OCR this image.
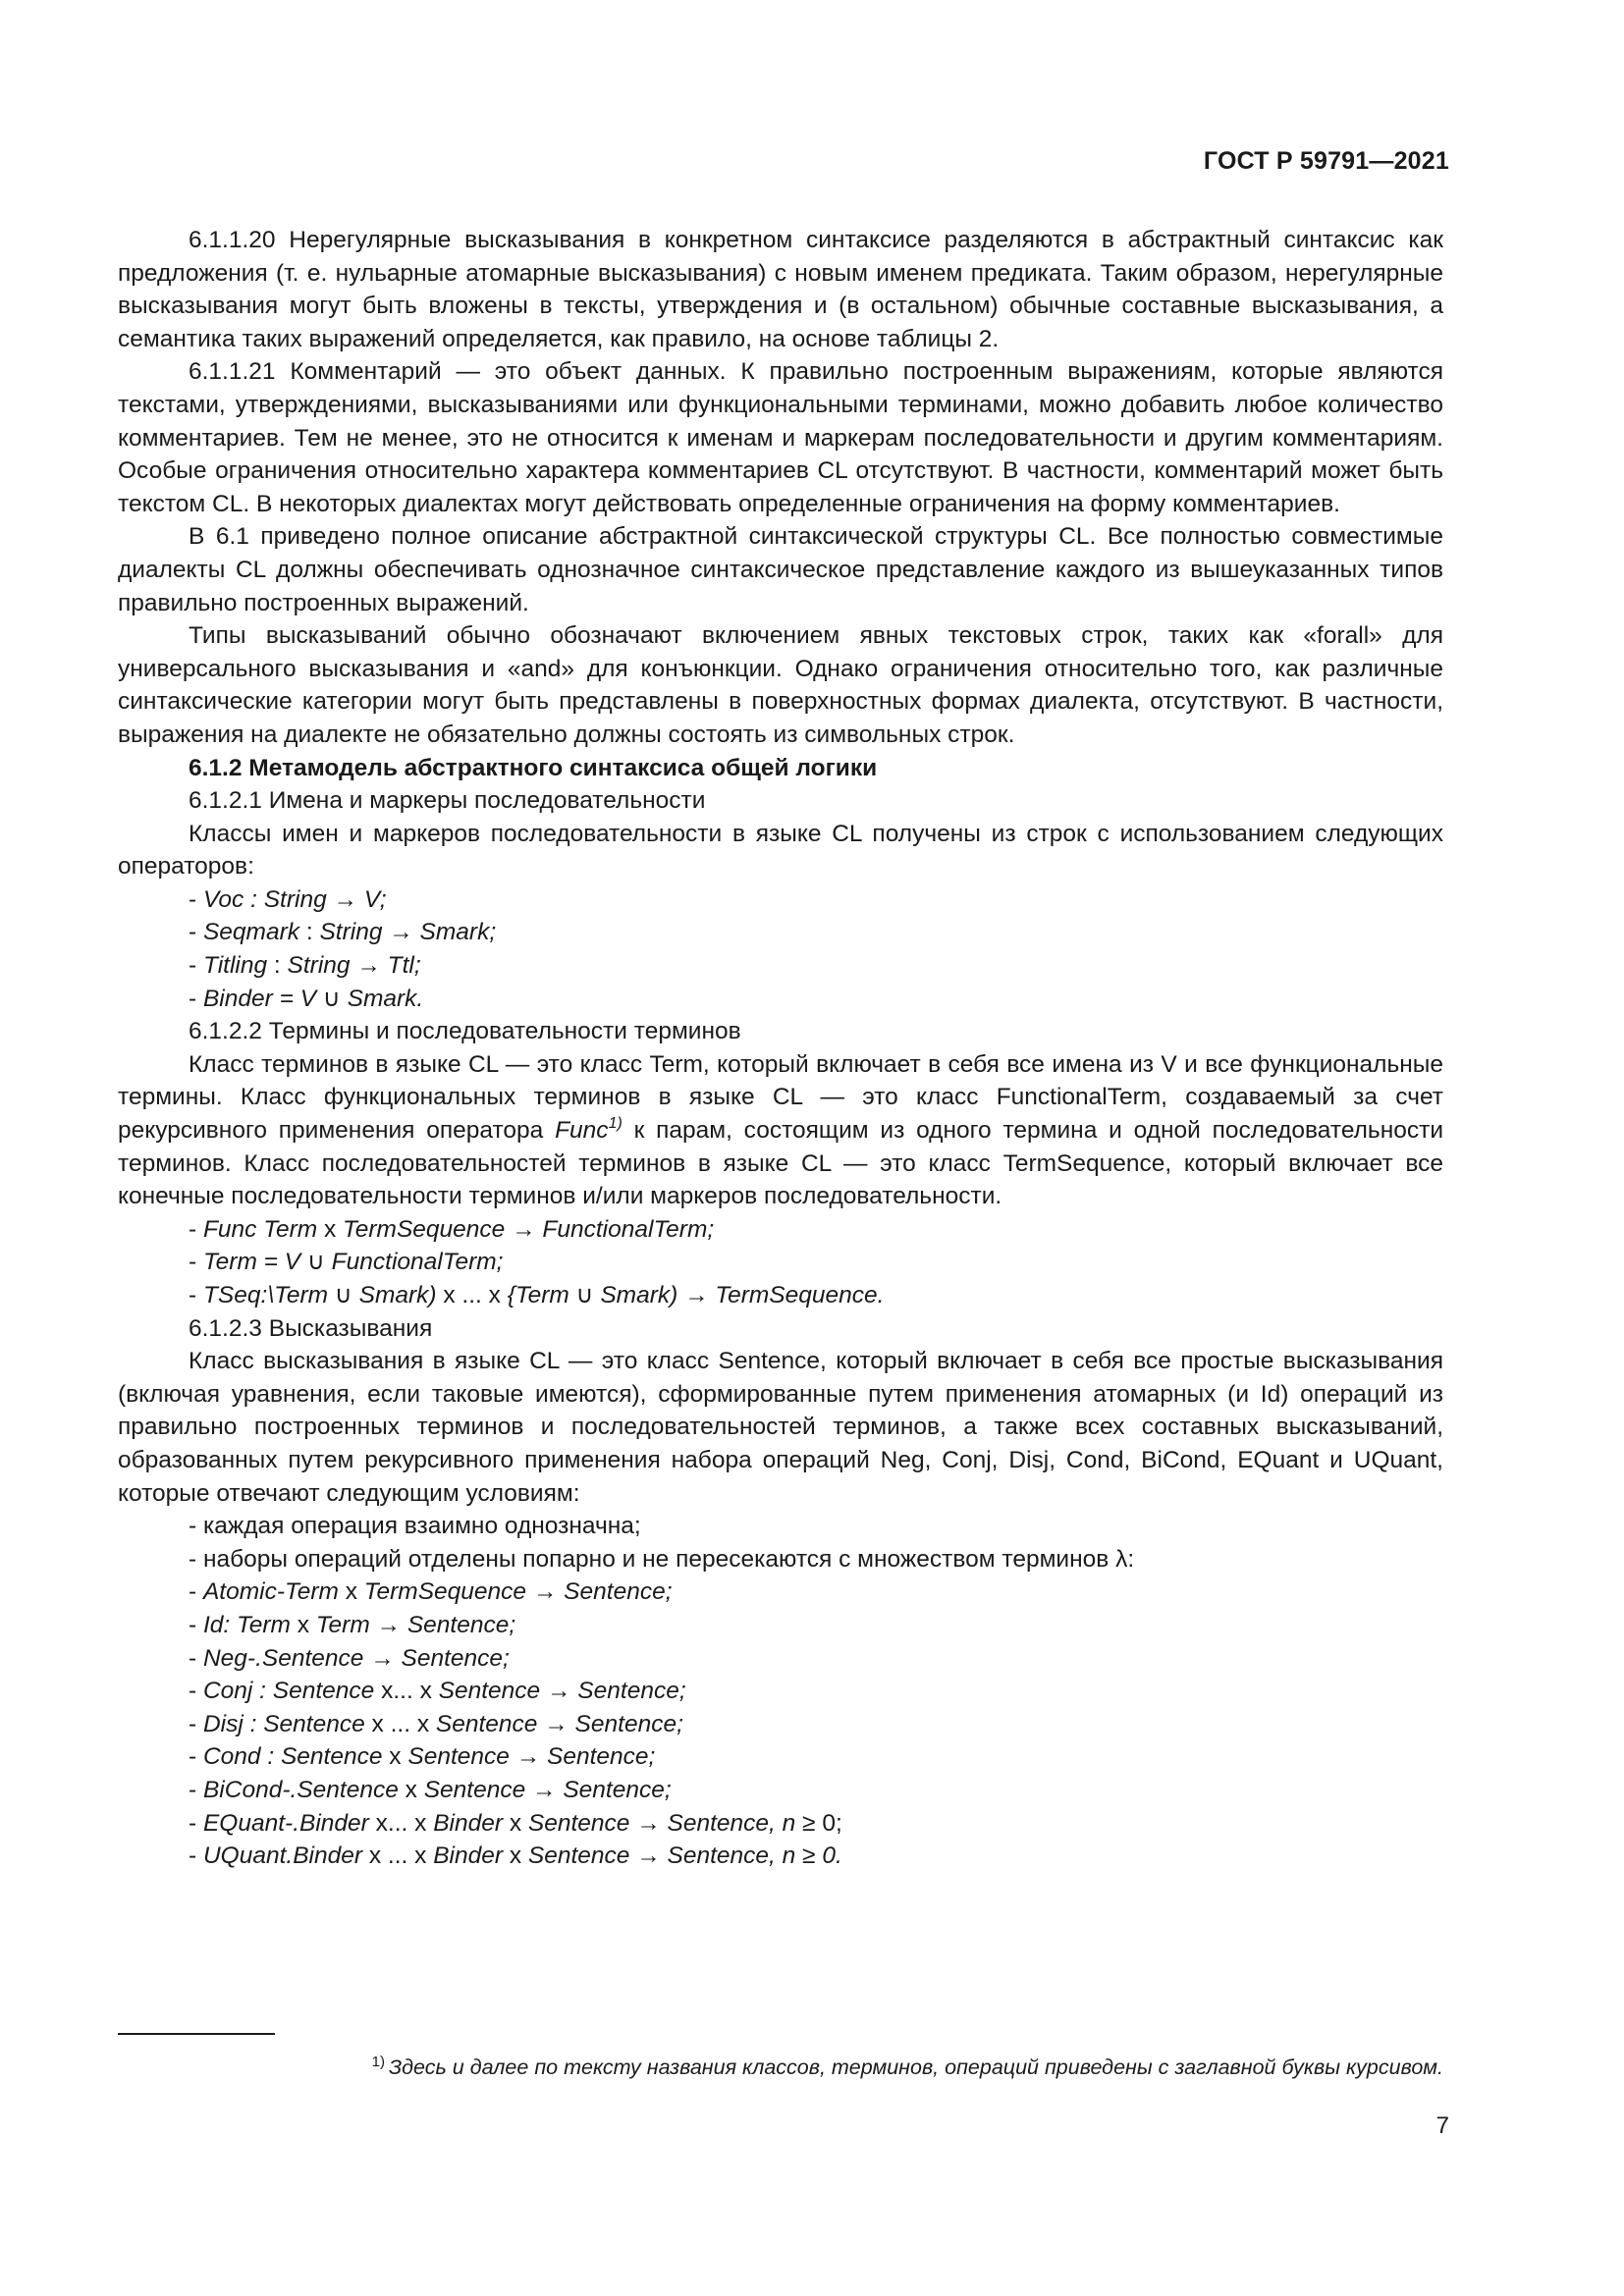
ГОСТ Р 59791—2021

6.1.1.20 Нерегулярные высказывания в конкретном синтаксисе разделяются в абстрактный синтаксис как предложения (т. е. нульарные атомарные высказывания) с новым именем предиката. Таким образом, нерегулярные высказывания могут быть вложены в тексты, утверждения и (в остальном) обычные составные высказывания, а семантика таких выражений определяется, как правило, на основе таблицы 2.

6.1.1.21 Комментарий — это объект данных. К правильно построенным выражениям, которые являются текстами, утверждениями, высказываниями или функциональными терминами, можно добавить любое количество комментариев. Тем не менее, это не относится к именам и маркерам последовательности и другим комментариям. Особые ограничения относительно характера комментариев CL отсутствуют. В частности, комментарий может быть текстом CL. В некоторых диалектах могут действовать определенные ограничения на форму комментариев.

В 6.1 приведено полное описание абстрактной синтаксической структуры CL. Все полностью совместимые диалекты CL должны обеспечивать однозначное синтаксическое представление каждого из вышеуказанных типов правильно построенных выражений.

Типы высказываний обычно обозначают включением явных текстовых строк, таких как «forall» для универсального высказывания и «and» для конъюнкции. Однако ограничения относительно того, как различные синтаксические категории могут быть представлены в поверхностных формах диалекта, отсутствуют. В частности, выражения на диалекте не обязательно должны состоять из символьных строк.

6.1.2 Метамодель абстрактного синтаксиса общей логики

6.1.2.1 Имена и маркеры последовательности

Классы имен и маркеров последовательности в языке CL получены из строк с использованием следующих операторов:

- Voc : String → V;

- Seqmark : String → Smark;

- Titling : String → Ttl;

- Binder = V ∪ Smark.

6.1.2.2 Термины и последовательности терминов

Класс терминов в языке CL — это класс Term, который включает в себя все имена из V и все функциональные термины. Класс функциональных терминов в языке CL — это класс FunctionalTerm, создаваемый за счет рекурсивного применения оператора Func$^{1)}$ к парам, состоящим из одного термина и одной последовательности терминов. Класс последовательностей терминов в языке CL — это класс TermSequence, который включает все конечные последовательности терминов и/или маркеров последовательности.

- Func Term x TermSequence → FunctionalTerm;

- Term = V ∪ FunctionalTerm;

- TSeq:\Term ∪ Smark) x ... x {Term ∪ Smark) → TermSequence.

6.1.2.3 Высказывания

Класс высказывания в языке CL — это класс Sentence, который включает в себя все простые высказывания (включая уравнения, если таковые имеются), сформированные путем применения атомарных (и Id) операций из правильно построенных терминов и последовательностей терминов, а также всех составных высказываний, образованных путем рекурсивного применения набора операций Neg, Conj, Disj, Cond, BiCond, EQuant и UQuant, которые отвечают следующим условиям:

- каждая операция взаимно однозначна;

- наборы операций отделены попарно и не пересекаются с множеством терминов λ:

- Atomic-Term x TermSequence → Sentence;

- Id: Term x Term → Sentence;

- Neg-.Sentence → Sentence;

- Conj : Sentence x... x Sentence → Sentence;

- Disj : Sentence x ... x Sentence → Sentence;

- Cond : Sentence x Sentence → Sentence;

- BiCond-.Sentence x Sentence → Sentence;

- EQuant-.Binder x... x Binder x Sentence → Sentence, n ≥ 0;

- UQuant.Binder x ... x Binder x Sentence → Sentence, n ≥ 0.

$^{1)}$ Здесь и далее по тексту названия классов, терминов, операций приведены с заглавной буквы курсивом.
7
